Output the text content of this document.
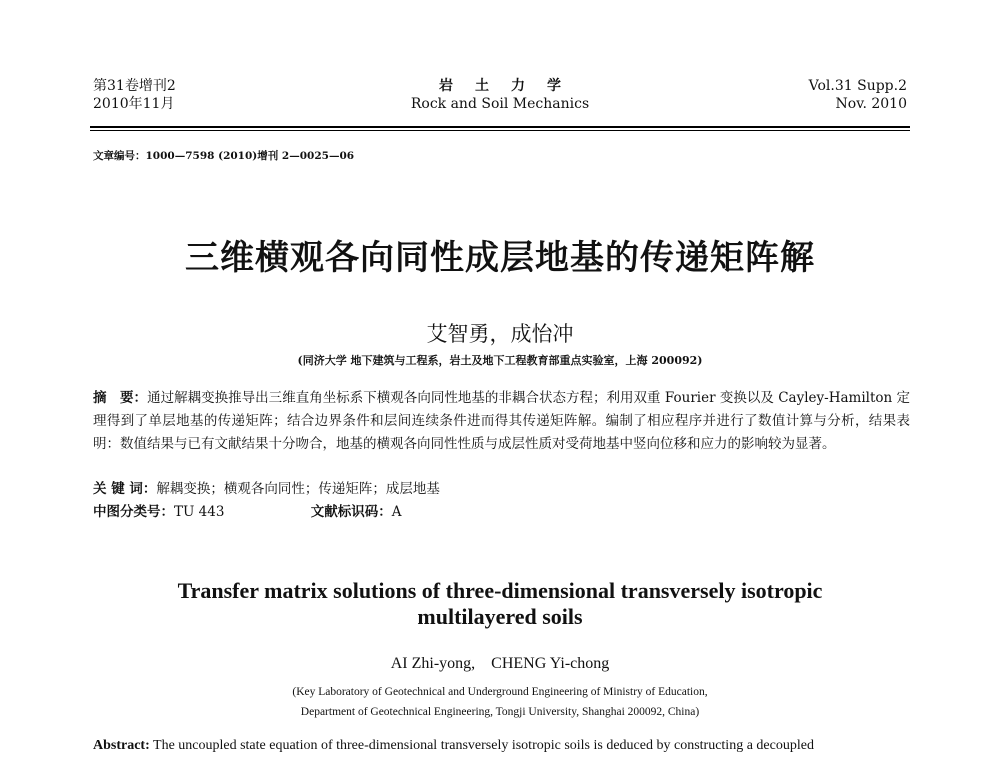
第31卷增刊2
2010年11月
岩土力学
Rock and Soil Mechanics
Vol.31 Supp.2
Nov. 2010
文章编号：1000—7598 (2010)增刊 2—0025—06
三维横观各向同性成层地基的传递矩阵解
艾智勇，成怡冲
(同济大学 地下建筑与工程系，岩土及地下工程教育部重点实验室，上海 200092)
摘　要：通过解耦变换推导出三维直角坐标系下横观各向同性地基的非耦合状态方程；利用双重 Fourier 变换以及 Cayley-Hamilton 定理得到了单层地基的传递矩阵；结合边界条件和层间连续条件进而得其传递矩阵解。编制了相应程序并进行了数值计算与分析，结果表明：数值结果与已有文献结果十分吻合，地基的横观各向同性性质与成层性质对受荷地基中竖向位移和应力的影响较为显著。
关 键 词：解耦变换；横观各向同性；传递矩阵；成层地基
中图分类号：TU 443	文献标识码：A
Transfer matrix solutions of three-dimensional transversely isotropic
multilayered soils
AI Zhi-yong,    CHENG Yi-chong
(Key Laboratory of Geotechnical and Underground Engineering of Ministry of Education,
Department of Geotechnical Engineering, Tongji University, Shanghai 200092, China)
Abstract: The uncoupled state equation of three-dimensional transversely isotropic soils is deduced by constructing a decoupled
